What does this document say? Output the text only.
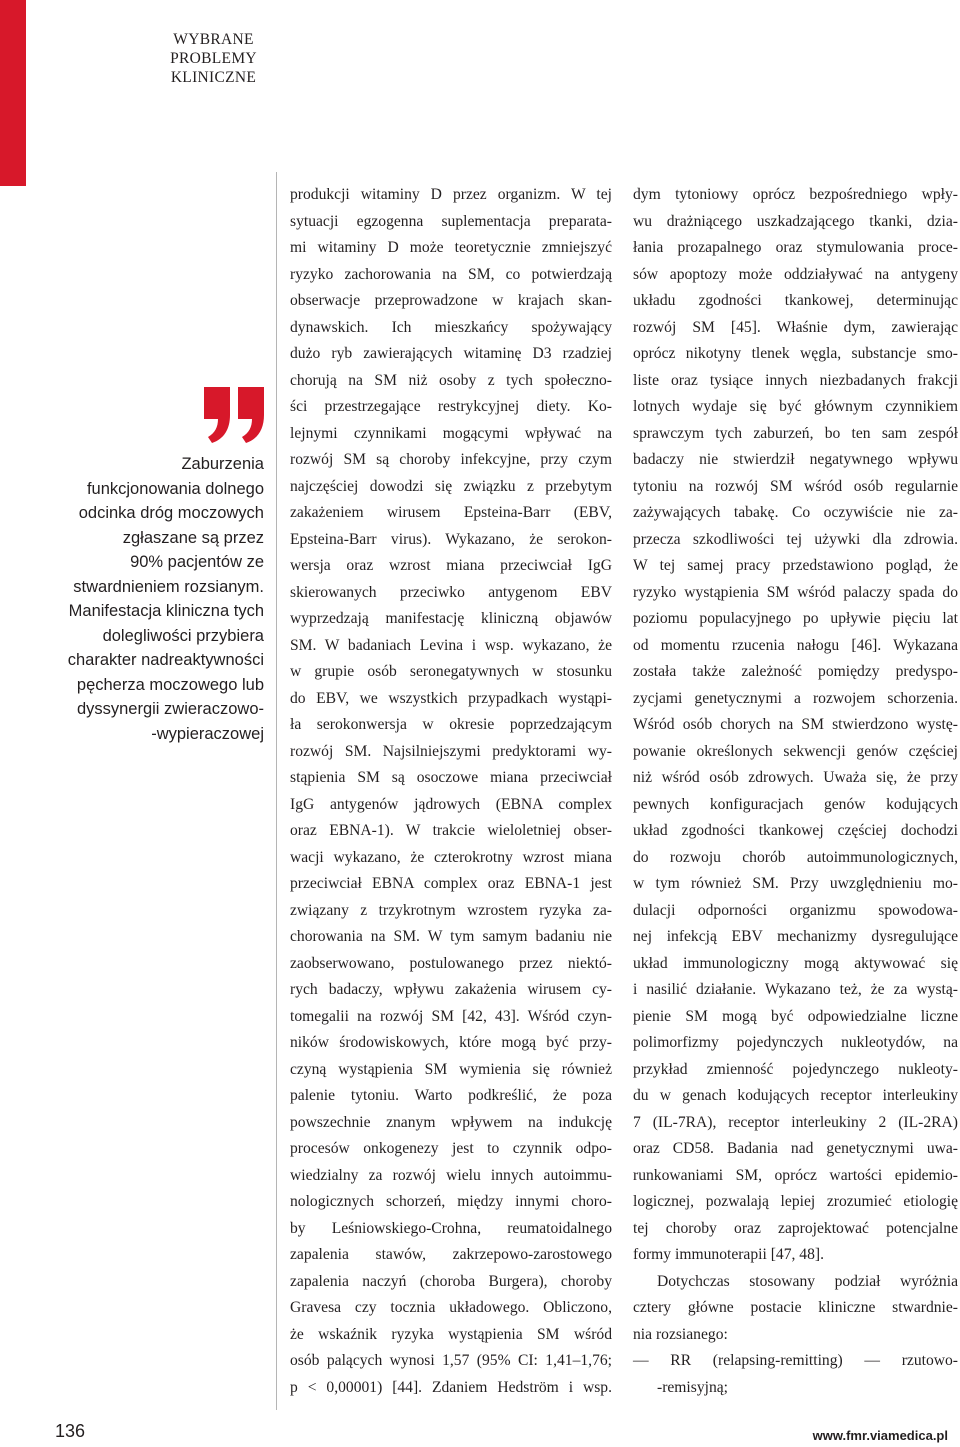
WYBRANE
PROBLEMY
KLINICZNE
Zaburzenia
funkcjonowania dolnego
odcinka dróg moczowych
zgłaszane są przez
90% pacjentów ze
stwardnieniem rozsianym.
Manifestacja kliniczna tych
dolegliwości przybiera
charakter nadreaktywności
pęcherza moczowego lub
dyssynergii zwieraczowo-
-wypieraczowej
produkcji witaminy D przez organizm. W tej
sytuacji egzogenna suplementacja preparata-
mi witaminy D może teoretycznie zmniejszyć
ryzyko zachorowania na SM, co potwierdzają
obserwacje przeprowadzone w krajach skan-
dynawskich. Ich mieszkańcy spożywający
dużo ryb zawierających witaminę D3 rzadziej
chorują na SM niż osoby z tych społeczno-
ści przestrzegające restrykcyjnej diety. Ko-
lejnymi czynnikami mogącymi wpływać na
rozwój SM są choroby infekcyjne, przy czym
najczęściej dowodzi się związku z przebytym
zakażeniem wirusem Epsteina-Barr (EBV,
Epsteina-Barr virus). Wykazano, że serokon-
wersja oraz wzrost miana przeciwciał IgG
skierowanych przeciwko antygenom EBV
wyprzedzają manifestację kliniczną objawów
SM. W badaniach Levina i wsp. wykazano, że
w grupie osób seronegatywnych w stosunku
do EBV, we wszystkich przypadkach wystąpi-
ła serokonwersja w okresie poprzedzającym
rozwój SM. Najsilniejszymi predyktorami wy-
stąpienia SM są osoczowe miana przeciwciał
IgG antygenów jądrowych (EBNA complex
oraz EBNA-1). W trakcie wieloletniej obser-
wacji wykazano, że czterokrotny wzrost miana
przeciwciał EBNA complex oraz EBNA-1 jest
związany z trzykrotnym wzrostem ryzyka za-
chorowania na SM. W tym samym badaniu nie
zaobserwowano, postulowanego przez niektó-
rych badaczy, wpływu zakażenia wirusem cy-
tomegalii na rozwój SM [42, 43]. Wśród czyn-
ników środowiskowych, które mogą być przy-
czyną wystąpienia SM wymienia się również
palenie tytoniu. Warto podkreślić, że poza
powszechnie znanym wpływem na indukcję
procesów onkogenezy jest to czynnik odpo-
wiedzialny za rozwój wielu innych autoimmu-
nologicznych schorzeń, między innymi choro-
by Leśniowskiego-Crohna, reumatoidalnego
zapalenia stawów, zakrzepowo-zarostowego
zapalenia naczyń (choroba Burgera), choroby
Gravesa czy tocznia układowego. Obliczono,
że wskaźnik ryzyka wystąpienia SM wśród
osób palących wynosi 1,57 (95% CI: 1,41–1,76;
p < 0,00001) [44]. Zdaniem Hedström i wsp.
dym tytoniowy oprócz bezpośredniego wpły-
wu drażniącego uszkadzającego tkanki, dzia-
łania prozapalnego oraz stymulowania proce-
sów apoptozy może oddziaływać na antygeny
układu zgodności tkankowej, determinując
rozwój SM [45]. Właśnie dym, zawierając
oprócz nikotyny tlenek węgla, substancje smo-
liste oraz tysiące innych niezbadanych frakcji
lotnych wydaje się być głównym czynnikiem
sprawczym tych zaburzeń, bo ten sam zespół
badaczy nie stwierdził negatywnego wpływu
tytoniu na rozwój SM wśród osób regularnie
zażywających tabakę. Co oczywiście nie za-
przecza szkodliwości tej używki dla zdrowia.
W tej samej pracy przedstawiono pogląd, że
ryzyko wystąpienia SM wśród palaczy spada do
poziomu populacyjnego po upływie pięciu lat
od momentu rzucenia nałogu [46]. Wykazana
została także zależność pomiędzy predyspo-
zycjami genetycznymi a rozwojem schorzenia.
Wśród osób chorych na SM stwierdzono wystę-
powanie określonych sekwencji genów częściej
niż wśród osób zdrowych. Uważa się, że przy
pewnych konfiguracjach genów kodujących
układ zgodności tkankowej częściej dochodzi
do rozwoju chorób autoimmunologicznych,
w tym również SM. Przy uwzględnieniu mo-
dulacji odporności organizmu spowodowa-
nej infekcją EBV mechanizmy dysregulujące
układ immunologiczny mogą aktywować się
i nasilić działanie. Wykazano też, że za wystą-
pienie SM mogą być odpowiedzialne liczne
polimorfizmy pojedynczych nukleotydów, na
przykład zmienność pojedynczego nukleoty-
du w genach kodujących receptor interleukiny
7 (IL-7RA), receptor interleukiny 2 (IL-2RA)
oraz CD58. Badania nad genetycznymi uwa-
runkowaniami SM, oprócz wartości epidemio-
logicznej, pozwalają lepiej zrozumieć etiologię
tej choroby oraz zaprojektować potencjalne
formy immunoterapii [47, 48].
Dotychczas stosowany podział wyróżnia
cztery główne postacie kliniczne stwardnie-
nia rozsianego:
— RR (relapsing-remitting) — rzutowo-
-remisyjną;
136	www.fmr.viamedica.pl
